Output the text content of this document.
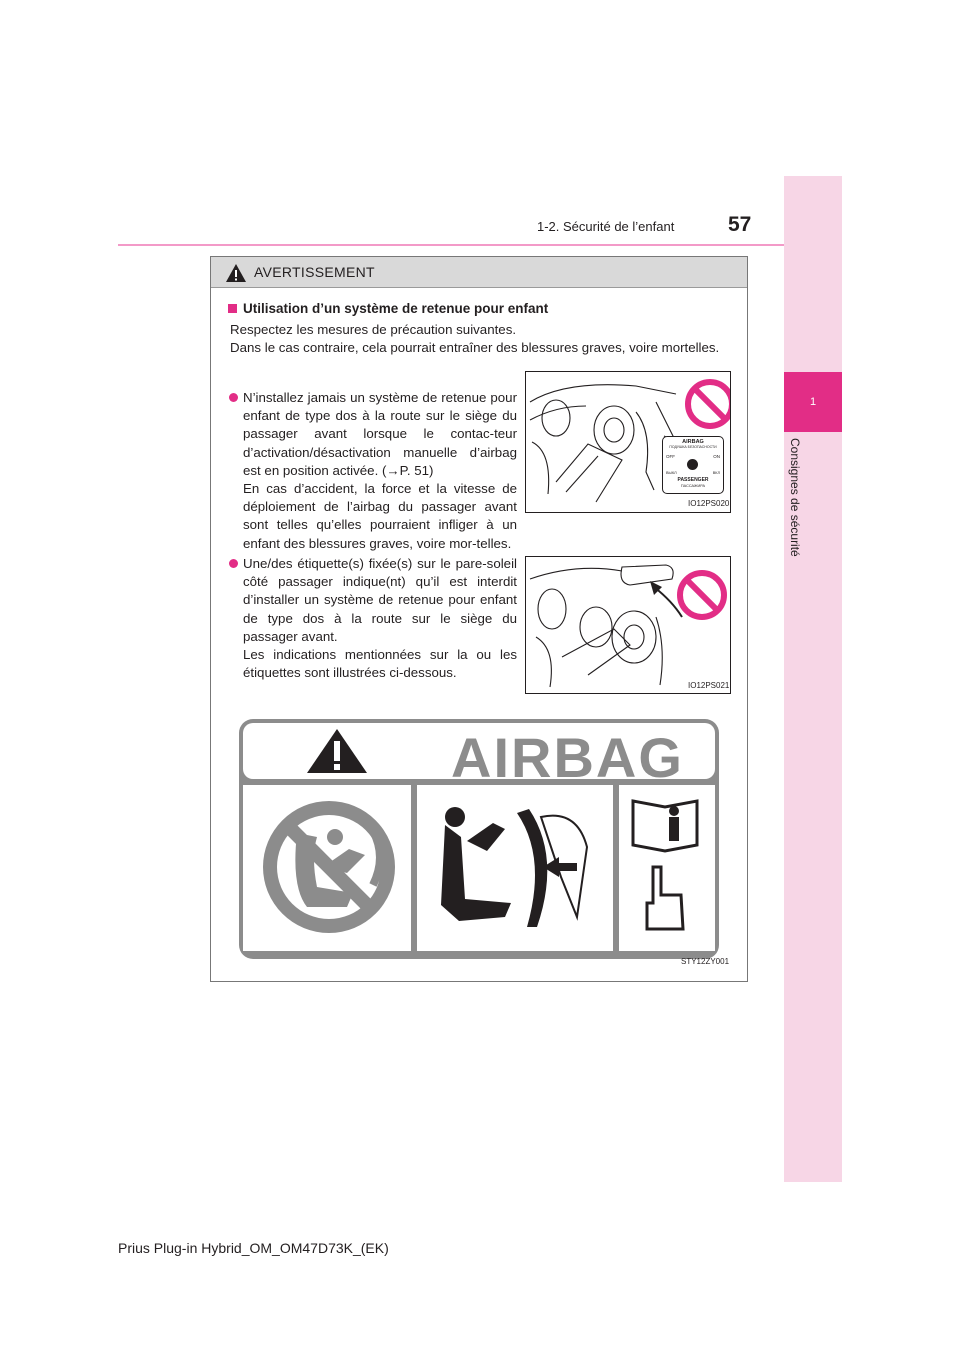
1
Consignes de sécurité
1-2. Sécurité de l’enfant	57
AVERTISSEMENT
Utilisation d’un système de retenue pour enfant
Respectez les mesures de précaution suivantes.
Dans le cas contraire, cela pourrait entraîner des blessures graves, voire mortelles.
N’installez jamais un système de retenue pour enfant de type dos à la route sur le siège du passager avant lorsque le contac-teur d’activation/désactivation manuelle d’airbag est en position activée. (→P. 51)
En cas d’accident, la force et la vitesse de déploiement de l’airbag du passager avant sont telles qu’elles pourraient infliger à un enfant des blessures graves, voire mor-telles.
Une/des étiquette(s) fixée(s) sur le pare-soleil côté passager indique(nt) qu’il est interdit d’installer un système de retenue pour enfant de type dos à la route sur le siège du passager avant.
Les indications mentionnées sur la ou les étiquettes sont illustrées ci-dessous.
AIRBAG
ПОДУШКА БЕЗОПАСНОСТИ
OFF	ON
ВЫКЛ	ВКЛ
PASSENGER
ПАССАЖИРА
IO12PS020
IO12PS021
AIRBAG
STY12ZY001
Prius Plug-in Hybrid_OM_OM47D73K_(EK)
